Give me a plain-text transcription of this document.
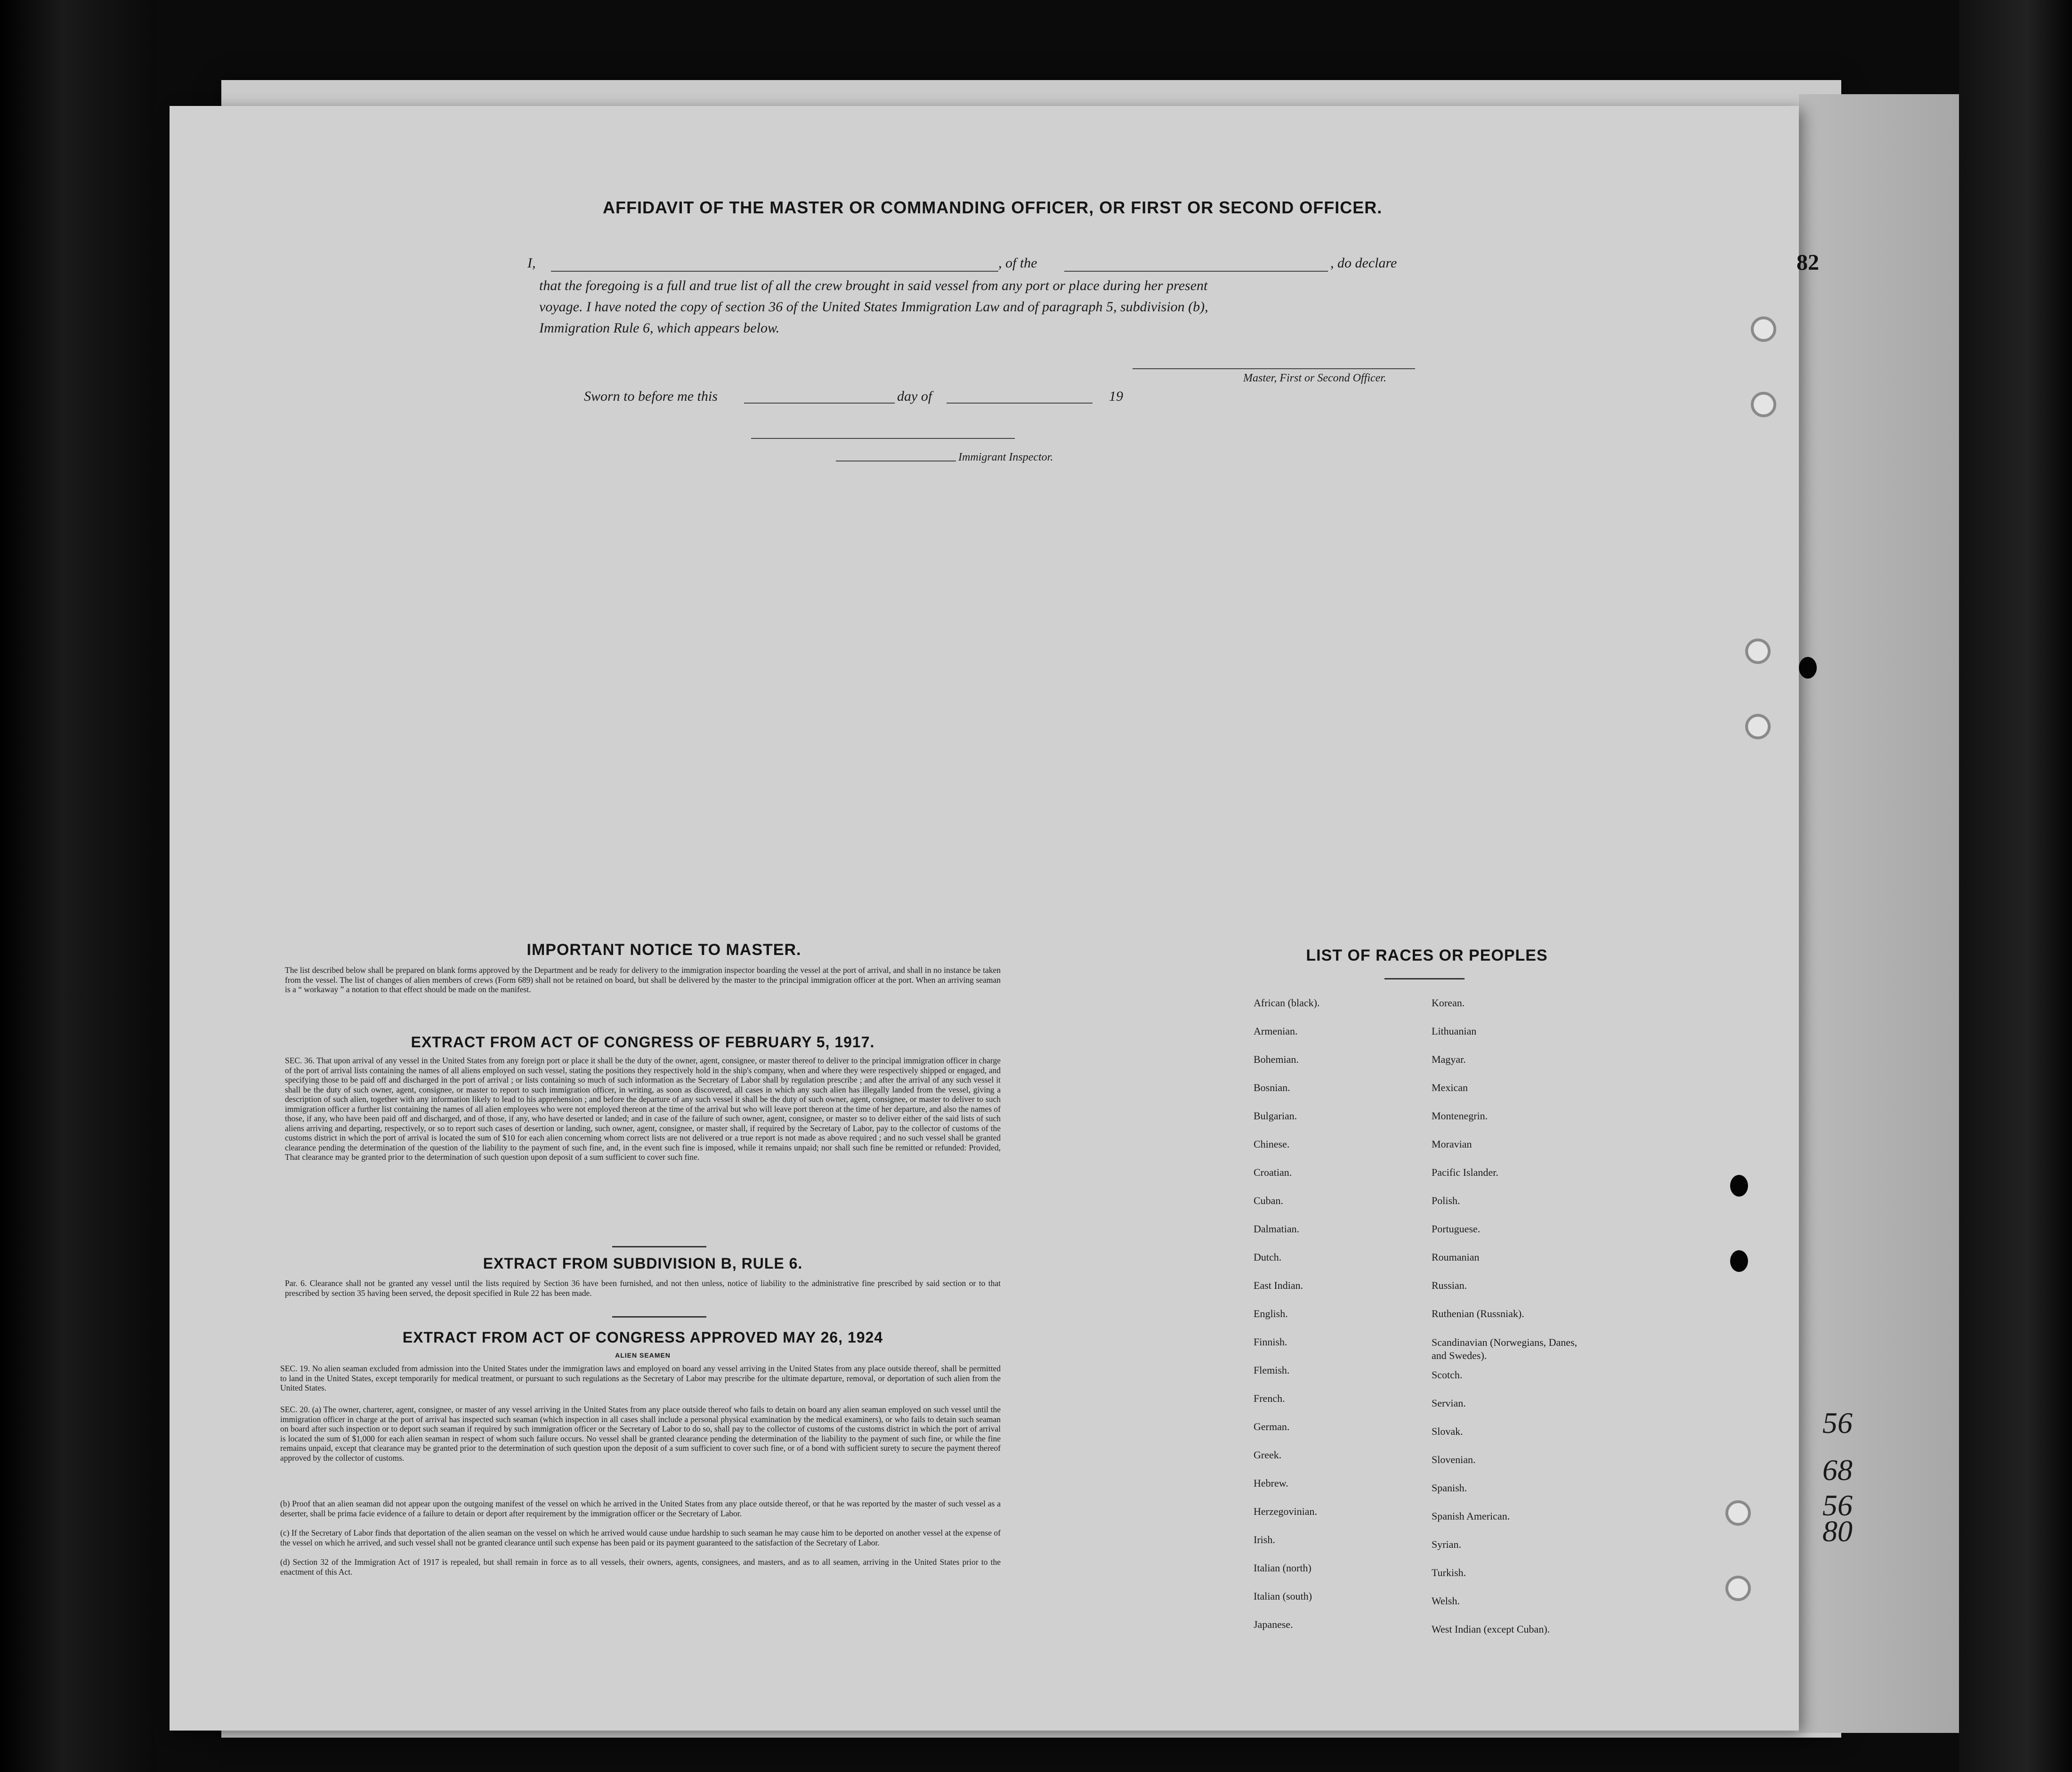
56
68
56
80
82
AFFIDAVIT OF THE MASTER OR COMMANDING OFFICER, OR FIRST OR SECOND OFFICER.
I,	, of the	, do declare
that the foregoing is a full and true list of all the crew brought in said vessel from any port or place during her present
voyage. I have noted the copy of section 36 of the United States Immigration Law and of paragraph 5, subdivision (b),
Immigration Rule 6, which appears below.
Master, First or Second Officer.
Sworn to before me this	day of	19
Immigrant Inspector.
IMPORTANT NOTICE TO MASTER.
The list described below shall be prepared on blank forms approved by the Department and be ready for delivery to the immigration inspector boarding the vessel at the port of arrival, and shall in no instance be taken from the vessel. The list of changes of alien members of crews (Form 689) shall not be retained on board, but shall be delivered by the master to the principal immigration officer at the port. When an arriving seaman is a “ workaway ” a notation to that effect should be made on the manifest.
EXTRACT FROM ACT OF CONGRESS OF FEBRUARY 5, 1917.
SEC. 36. That upon arrival of any vessel in the United States from any foreign port or place it shall be the duty of the owner, agent, consignee, or master thereof to deliver to the principal immigration officer in charge of the port of arrival lists containing the names of all aliens employed on such vessel, stating the positions they respectively hold in the ship's company, when and where they were respectively shipped or engaged, and specifying those to be paid off and discharged in the port of arrival ; or lists containing so much of such information as the Secretary of Labor shall by regulation prescribe ; and after the arrival of any such vessel it shall be the duty of such owner, agent, consignee, or master to report to such immigration officer, in writing, as soon as discovered, all cases in which any such alien has illegally landed from the vessel, giving a description of such alien, together with any information likely to lead to his apprehension ; and before the departure of any such vessel it shall be the duty of such owner, agent, consignee, or master to deliver to such immigration officer a further list containing the names of all alien employees who were not employed thereon at the time of the arrival but who will leave port thereon at the time of her departure, and also the names of those, if any, who have been paid off and discharged, and of those, if any, who have deserted or landed; and in case of the failure of such owner, agent, consignee, or master so to deliver either of the said lists of such aliens arriving and departing, respectively, or so to report such cases of desertion or landing, such owner, agent, consignee, or master shall, if required by the Secretary of Labor, pay to the collector of customs of the customs district in which the port of arrival is located the sum of $10 for each alien concerning whom correct lists are not delivered or a true report is not made as above required ; and no such vessel shall be granted clearance pending the determination of the question of the liability to the payment of such fine, and, in the event such fine is imposed, while it remains unpaid; nor shall such fine be remitted or refunded: Provided, That clearance may be granted prior to the determination of such question upon deposit of a sum sufficient to cover such fine.
EXTRACT FROM SUBDIVISION B, RULE 6.
Par. 6. Clearance shall not be granted any vessel until the lists required by Section 36 have been furnished, and not then unless, notice of liability to the administrative fine prescribed by said section or to that prescribed by section 35 having been served, the deposit specified in Rule 22 has been made.
EXTRACT FROM ACT OF CONGRESS APPROVED MAY 26, 1924
ALIEN SEAMEN
SEC. 19. No alien seaman excluded from admission into the United States under the immigration laws and employed on board any vessel arriving in the United States from any place outside thereof, shall be permitted to land in the United States, except temporarily for medical treatment, or pursuant to such regulations as the Secretary of Labor may prescribe for the ultimate departure, removal, or deportation of such alien from the United States.
SEC. 20. (a) The owner, charterer, agent, consignee, or master of any vessel arriving in the United States from any place outside thereof who fails to detain on board any alien seaman employed on such vessel until the immigration officer in charge at the port of arrival has inspected such seaman (which inspection in all cases shall include a personal physical examination by the medical examiners), or who fails to detain such seaman on board after such inspection or to deport such seaman if required by such immigration officer or the Secretary of Labor to do so, shall pay to the collector of customs of the customs district in which the port of arrival is located the sum of $1,000 for each alien seaman in respect of whom such failure occurs. No vessel shall be granted clearance pending the determination of the liability to the payment of such fine, or while the fine remains unpaid, except that clearance may be granted prior to the determination of such question upon the deposit of a sum sufficient to cover such fine, or of a bond with sufficient surety to secure the payment thereof approved by the collector of customs.
(b) Proof that an alien seaman did not appear upon the outgoing manifest of the vessel on which he arrived in the United States from any place outside thereof, or that he was reported by the master of such vessel as a deserter, shall be prima facie evidence of a failure to detain or deport after requirement by the immigration officer or the Secretary of Labor.
(c) If the Secretary of Labor finds that deportation of the alien seaman on the vessel on which he arrived would cause undue hardship to such seaman he may cause him to be deported on another vessel at the expense of the vessel on which he arrived, and such vessel shall not be granted clearance until such expense has been paid or its payment guaranteed to the satisfaction of the Secretary of Labor.
(d) Section 32 of the Immigration Act of 1917 is repealed, but shall remain in force as to all vessels, their owners, agents, consignees, and masters, and as to all seamen, arriving in the United States prior to the enactment of this Act.
LIST OF RACES OR PEOPLES
African (black).
Armenian.
Bohemian.
Bosnian.
Bulgarian.
Chinese.
Croatian.
Cuban.
Dalmatian.
Dutch.
East Indian.
English.
Finnish.
Flemish.
French.
German.
Greek.
Hebrew.
Herzegovinian.
Irish.
Italian (north)
Italian (south)
Japanese.
Korean.
Lithuanian
Magyar.
Mexican
Montenegrin.
Moravian
Pacific Islander.
Polish.
Portuguese.
Roumanian
Russian.
Ruthenian (Russniak).
Scandinavian (Norwegians, Danes, and Swedes).
Scotch.
Servian.
Slovak.
Slovenian.
Spanish.
Spanish American.
Syrian.
Turkish.
Welsh.
West Indian (except Cuban).
